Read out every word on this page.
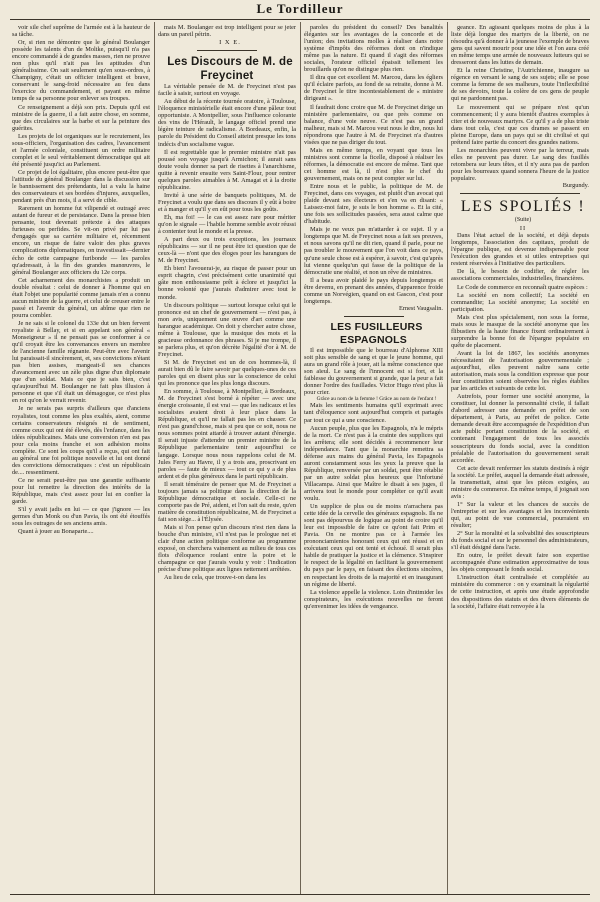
Le Tordilleur

voir sile chef suprême de l'armée est à la hauteur de sa tâche.

Or, si rien ne démontre que le général Boulanger possède les talents d'un de Moltke, puisqu'il n'a pas encore commandé à de grandes masses, rien ne prouve non plus qu'il n'ait pas les aptitudes d'un généralissime. On sait seulement qu'en sous-ordres, à Champigny, c'était un officier intelligent et brave, conservant le sang-froid nécessaire au feu dans l'exercice du commandement, et payant en même temps de sa personne pour enlever ses troupes.

Ce renseignement a déjà son prix. Depuis qu'il est ministre de la guerre, il a fait autre chose, en somme, que des circulaires sur la barbe et sur la peinture des guérites.

Les projets de loi organiques sur le recrutement, les sous-officiers, l'organisation des cadres, l'avancement et l'armée coloniale, constituent un ordre militaire complet et le seul véritablement démocratique qui ait été présenté jusqu'ici au Parlement.

Ce projet de loi égalitaire, plus encore peut-être que l'attitude du général Boulanger dans la discussion sur le bannissement des prétendants, lui a valu la haine des conservateurs et ses bordées d'injures, auxquelles, pendant près d'un mois, il a servi de cible.

Rarement un homme fut vilipendé et outragé avec autant de fureur et de persistance. Dans la presse bien pensante, tout devenait prétexte à des attaques furieuses ou perfides. Se vit-on privé par lui pas d'engagés que sa carrière militaire et, récemment encore, un risque de faire valoir des plus graves complications diplomatiques, on travestissait—dernier écho de cette campagne furibonde — les paroles qu'adressait, à la fin des grandes manœuvres, le général Boulanger aux officiers du 12e corps.

Cet acharnement des monarchistes a produit un double résultat : celui de donner à l'homme qui en était l'objet une popularité comme jamais n'en a connu aucun ministre de la guerre, et celui de creuser entre le passé et l'avenir du général, un abîme que rien ne pourra combler.

Je ne sais si le colonel du 133e dut un bien fervent royaliste à Bellay, et si en appelant son général « Monseigneur » il ne pensait pas se conformer à ce qu'il croyait être les convenances envers un membre de l'ancienne famille régnante. Peut-être avec l'avenir lui paraissait-il sincèrement, et, ses convictions n'étant pas bien assises, mangeait-il ses chances d'avancement avec un zèle plus digne d'un diplomate que d'un soldat. Mais ce que je sais bien, c'est qu'aujourd'hui M. Boulanger ne fait plus illusion à personne et que s'il était un démagogue, ce n'est plus en roi qu'on le verrait revenir.

Je ne serais pas surpris d'ailleurs que d'anciens royalistes, tout comme les plus exaltés, aient, comme certains conservateurs résignés ni de sentiment, comme ceux qui ont été élevés, dès l'enfance, dans les idées républicaines. Mais une conversion n'en est pas pour cela moins franche et son adhésion moins complète. Ce sont les coups qu'il a reçus, qui ont fait au général une foi politique nouvelle et lui ont donné des convictions démocratiques : c'est un républicain de.... ressentiment.

Ce ne serait peut-être pas une garantie suffisante pour lui remettre la direction des intérêts de la République, mais c'est assez pour lui en confier la garde.

S'il y avait jadis en lui — ce que j'ignore — les germes d'un Monk ou d'un Pavia, ils ont été étouffés sous les outrages de ses anciens amis.

Quant à jouer au Bonaparte....

mais M. Boulanger est trop intelligent pour se jeter dans un pareil pétrin.

I X E.

Les Discours de M. de Freycinet

La véritable pensée de M. de Freycinet n'est pas facile à saisir, surtout en voyage.

Au début de la récente tournée oratoire, à Toulouse, l'éloquence ministérielle était encore d'une pâleur tout opportuniste. A Montpellier, sous l'influence colorante des vins de l'Hérault, le langage officiel prend une légère teinture de radicalisme. A Bordeaux, enfin, la parole du Président du Conseil atteint presque les tons indécis d'un socialisme vague.

Il est regrettable que le premier ministre n'ait pas poussé son voyage jusqu'à Armichon; il aurait sans doute voulu donner sa part de risettes à l'anarchisme, quitte à revenir ensuite vers Saint-Flour, pour rentrer quelques paroles aimables à M. Amagat et à la droite républicaine.

Invité à une série de banquets politiques, M. de Freycinet a voulu que dans ses discours il y eût à boire et à manger et qu'il y en eût pour tous les goûts.

Eh, ma foi! — le cas est assez rare pour mériter qu'on le signale — l'habile homme semble avoir réussi à contenter tout le monde et la presse.

A part deux ou trois exceptions, les journaux républicains — sur il ne peut être ici question que de ceux-là — n'ont que des éloges pour les harangues de M. de Freycinet.

Eh bien! l'avouerai-je, au risque de passer pour un esprit chagrin, c'est précisément cette unanimité qui gâte mon enthousiasme prêt à éclore et jusqu'ici la bonne volonté que j'aurais d'admirer avec tout le monde.

Un discours politique — surtout lorsque celui qui le prononce est un chef de gouvernement — n'est pas, à mon avis, uniquement une œuvre d'art comme une harangue académique. On doit y chercher autre chose, même à Toulouse, que la musique des mots et la gracieuse ordonnance des phrases. Si je me trompe, il se parlera plus, et qu'on décrète l'égalité d'or à M. de Freycinet.

Si M. de Freycinet est un de ces hommes-là, il aurait bien dû le faire savoir par quelques-unes de ces paroles qui en disent plus sur la conscience de celui qui les prononce que les plus longs discours.

En somme, à Toulouse, à Montpellier, à Bordeaux, M. de Freycinet s'est borné à répéter — avec une énergie croissante, il est vrai — que les radicaux et les socialistes avaient droit à leur place dans la République, et qu'il ne fallait pas les en chasser. Ce n'est pas grand'chose, mais si peu que ce soit, nous ne nous sommes point attardé à trouver autant d'énergie. Il serait injuste d'attendre un premier ministre de la République parlementaire tenir aujourd'hui ce langage. Lorsque nous nous rappelons celui de M. Jules Ferry au Havre, il y a trois ans, proscrivant en paroles — faute de mieux — tout ce qui y a de plus ardent et de plus généreux dans le parti républicain.

Il serait téméraire de penser que M. de Freycinet a toujours jamais sa politique dans la direction de la République démocratique et sociale. Celle-ci ne comporte pas de Pré, aident, et l'on sait du reste, qu'en matière de constitution républicaine, M. de Freycinet a fait son siège... à l'Élysée.

Mais si l'on pense qu'un discours n'est rien dans la bouche d'un ministre, s'il n'est pas le prologue net et clair d'une action politique conforme au programme exposé, on cherchera vainement au milieu de tous ces flots d'éloquence roulant entre la poire et le champagne ce que j'aurais voulu y voir : l'indication précise d'une politique aux lignes nettement arrêtées.

Au lieu de cela, que trouve-t-on dans les

paroles du président du conseil? Des banalités élégantes sur les avantages de la concorde et de l'union; des invitations molles à réaliser dans notre système d'impôts des réformes dont on n'indique même pas la nature. Et quand il s'agit des réformes sociales, l'orateur officiel épaissit tellement les brouillards qu'on ne distingue plus rien.

Il dira que cet excellent M. Marcou, dans les égliers qu'il éclaire parfois, au fond de sa retraite, donne à M. de Freycinet le titre incontestablement de « ministre dirigeant ».

Il faudrait donc croire que M. de Freycinet dirige un ministère parlementaire, ou que près comme on balance, d'une voie neuve. Ce n'est pas un grand malheur, mais si M. Marcou veut nous le dire, nous lui répondrons que l'autre à M. de Freycinet n'a d'autres visées que ne pas diriger du tout.

Mais en même temps, en voyant que tous les ministres sont comme la ficelle, disposé à réaliser les réformes, la démocratie est encore de même. Tant que cet homme est là, il n'est plus le chef du gouvernement, mais on ne peut compter sur lui.

Entre nous et le public, la politique de M. de Freycinet, dans ces voyages, est plutôt d'un avocat qui plaide devant ses électeurs et s'en va en disant: « Laissez-moi faire, je suis le bon homme ». Et la cité, une fois ses sollicitudes passées, sera aussi calme que d'habitude.

Mais je ne veux pas m'attarder à ce sujet. Il y a longtemps que M. de Freycinet nous a fait ses preuves, et nous savons qu'il ne dit rien, quand il parle, pour ne pas troubler le mouvement que l'on voit dans ce pays, qu'une seule chose est à espérer, à savoir, c'est qu'après lui vienne quelqu'un qui fasse de la politique de la démocratie une réalité, et non un rêve de ministres.

Il a beau avoir plaidé le pays depuis longtemps et être devenu, en prenant des années, d'apparence froide comme un Norvégien, quand on est Gascon, c'est pour longtemps.

Ernest Vaugsalin.

LES FUSILLEURS ESPAGNOLS

Il est impossible que le bourreau d'Alphonse XIII soit plus sensible de sang et que le jeune homme, qui aura un grand rôle à jouer, ait la même conscience que son aïeul. Le sang de l'innocent est si fort, et la faiblesse du gouvernement si grande, que la peur a fait donner l'ordre des fusillades. Victor Hugo n'est plus là pour crier.

Grâce au nom de la femme ! Grâce au nom de l'enfant !

Mais les sentiments humains qu'il exprimait avec tant d'éloquence sont aujourd'hui compris et partagés par tout ce qui a une conscience.

Aucun peuple, plus que les Espagnols, n'a le mépris de la mort. Ce n'est pas à la crainte des supplices qui les arrêtera; elle sont décidés à recommencer leur indépendance. Tant que la monarchie remettra sa défense aux mains du général Pavia, les Espagnols auront constamment sous les yeux la preuve que la République, renversée par un soldat, peut être rétablie par un autre soldat plus heureux que l'infortuné Villacampa. Ainsi que Maître le disait à ses juges, il arrivera tout le monde pour compléter ce qu'il avait voulu.

Un supplice de plus ou de moins n'arrachera pas cette idée de la cervelle des généraux espagnols. Ils ne sont pas dépourvus de logique au point de croire qu'il leur est impossible de faire ce qu'ont fait Prim et Pavia. On ne montre pas ce à l'armée les prononciamientos honorant ceux qui ont réussi et en exécutant ceux qui ont tenté et échoué. Il serait plus habile de pratiquer la justice et la clémence. S'inspirer le respect de la légalité en facilitant la gouvernement du pays par le pays, en faisant des élections sincères, en respectant les droits de la majorité et en inaugurant un régime de liberté.

La violence appelle la violence. Loin d'intimider les conspirateurs, les exécutions nouvelles ne feront qu'envenimer les idées de vengeance.

geance. En agissant quelques moins de plus à la liste déjà longue des martyrs de la liberté, on ne résoudra qu'à donner à la jeunesse l'exemple de braves gens qui savent mourir pour une idée et l'on aura créé en même temps une armée de nouveaux lutteurs qui se dresseront dans les luttes de demain.

Et la reine Christine, l'Autrichienne, inaugure sa régence en versant le sang de ses sujets; elle se pose comme la femme de ses malheurs, toute l'inflexibilité de ses devoirs, toute la colère de ces gens de peuple qui ne pardonnent pas.

Le mouvement qui se prépare n'est qu'un commencement; il y aura bientôt d'autres exemples à citer et de nouveaux martyrs. Ce qu'il y a de plus triste dans tout cela, c'est que ces drames se passent en pleine Europe, dans un pays qui se dit civilisé et qui prétend faire partie du concert des grandes nations.

Les monarchies peuvent vivre par la terreur, mais elles ne peuvent pas durer. Le sang des fusillés retombera sur leurs têtes, et il n'y aura pas de pardon pour les bourreaux quand sonnera l'heure de la justice populaire.

Burgundy.

LES SPOLIÉS !

(Suite)

II

Dans l'état actuel de la société, et déjà depuis longtemps, l'association des capitaux, produit de l'épargne publique, est devenue indispensable pour l'exécution des grandes et si utiles entreprises qui restent réservées à l'initiative des particuliers.

De là, le besoin de codifier, de régler les associations commerciales, industrielles, financières.

Le Code de commerce en reconnaît quatre espèces :

La société en nom collectif; La société en commandite; La société anonyme; La société en participation.

Mais c'est plus spécialement, non sous la forme, mais sous le masque de la société anonyme que les flibustiers de la haute finance fixent ordinairement à surprendre la bonne foi de l'épargne populaire en quête de placement.

Avant la loi de 1867, les sociétés anonymes nécessitaient de l'autorisation gouvernementale ; aujourd'hui, elles peuvent naître sans cette autorisation, mais sous la condition expresse que pour leur constitution soient observées les règles établies par les articles et suivants de cette loi.

Autrefois, pour former une société anonyme, la constituer, lui donner la personnalité civile, il fallait d'abord adresser une demande en préfet de son département, à Paris, au préfet de police. Cette demande devait être accompagnée de l'expédition d'un acte public portant constitution de la société, et contenant l'engagement de tous les associés souscripteurs du fonds social, avec la condition préalable de l'autorisation du gouvernement serait accordée.

Cet acte devait renfermer les statuts destinés à régir la société. Le préfet, auquel la demande était adressée, la transmettait, ainsi que les pièces exigées, au ministre du commerce. En même temps, il joignait son avis :

1° Sur la valeur et les chances de succès de l'entreprise et sur les avantages et les inconvénients qui, au point de vue commercial, pourraient en résulter;

2° Sur la moralité et la solvabilité des souscripteurs du fonds social et sur le personnel des administrateurs, s'il était désigné dans l'acte.

En outre, le préfet devait faire son expertise accompagnée d'une estimation approximative de tous les objets composant le fonds social.

L'instruction était centralisée et complétée au ministère du commerce : on y examinait la régularité de cette instruction, et après une étude approfondie des dispositions des statuts et des divers éléments de la société, l'affaire était renvoyée à la
